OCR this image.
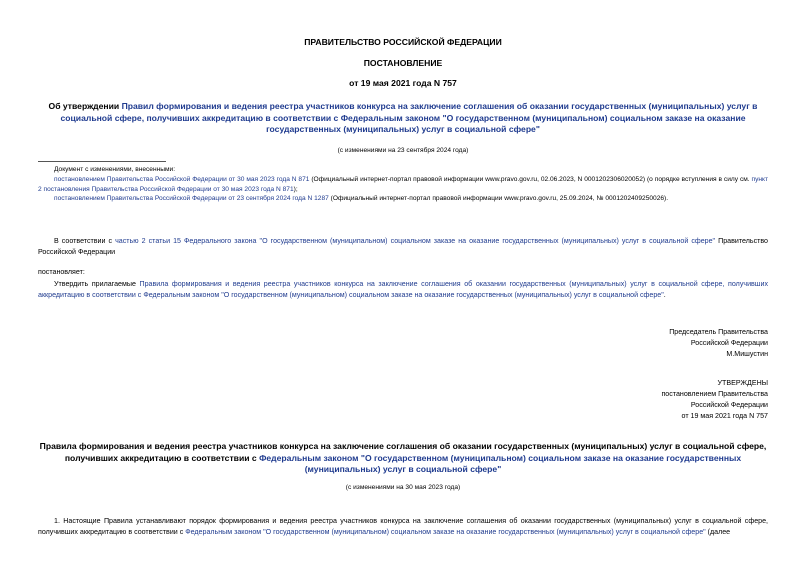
ПРАВИТЕЛЬСТВО РОССИЙСКОЙ ФЕДЕРАЦИИ
ПОСТАНОВЛЕНИЕ
от 19 мая 2021 года N 757
Об утверждении Правил формирования и ведения реестра участников конкурса на заключение соглашения об оказании государственных (муниципальных) услуг в социальной сфере, получивших аккредитацию в соответствии с Федеральным законом "О государственном (муниципальном) социальном заказе на оказание государственных (муниципальных) услуг в социальной сфере"
(с изменениями на 23 сентября 2024 года)
Документ с изменениями, внесенными:
постановлением Правительства Российской Федерации от 30 мая 2023 года N 871 (Официальный интернет-портал правовой информации www.pravo.gov.ru, 02.06.2023, N 0001202306020052) (о порядке вступления в силу см. пункт 2 постановления Правительства Российской Федерации от 30 мая 2023 года N 871);
постановлением Правительства Российской Федерации от 23 сентября 2024 года N 1287 (Официальный интернет-портал правовой информации www.pravo.gov.ru, 25.09.2024, № 0001202409250026).
В соответствии с частью 2 статьи 15 Федерального закона "О государственном (муниципальном) социальном заказе на оказание государственных (муниципальных) услуг в социальной сфере" Правительство Российской Федерации
постановляет:
Утвердить прилагаемые Правила формирования и ведения реестра участников конкурса на заключение соглашения об оказании государственных (муниципальных) услуг в социальной сфере, получивших аккредитацию в соответствии с Федеральным законом "О государственном (муниципальном) социальном заказе на оказание государственных (муниципальных) услуг в социальной сфере".
Председатель Правительства
Российской Федерации
М.Мишустин
УТВЕРЖДЕНЫ
постановлением Правительства
Российской Федерации
от 19 мая 2021 года N 757
Правила формирования и ведения реестра участников конкурса на заключение соглашения об оказании государственных (муниципальных) услуг в социальной сфере, получивших аккредитацию в соответствии с Федеральным законом "О государственном (муниципальном) социальном заказе на оказание государственных (муниципальных) услуг в социальной сфере"
(с изменениями на 30 мая 2023 года)
1. Настоящие Правила устанавливают порядок формирования и ведения реестра участников конкурса на заключение соглашения об оказании государственных (муниципальных) услуг в социальной сфере, получивших аккредитацию в соответствии с Федеральным законом "О государственном (муниципальном) социальном заказе на оказание государственных (муниципальных) услуг в социальной сфере" (далее
